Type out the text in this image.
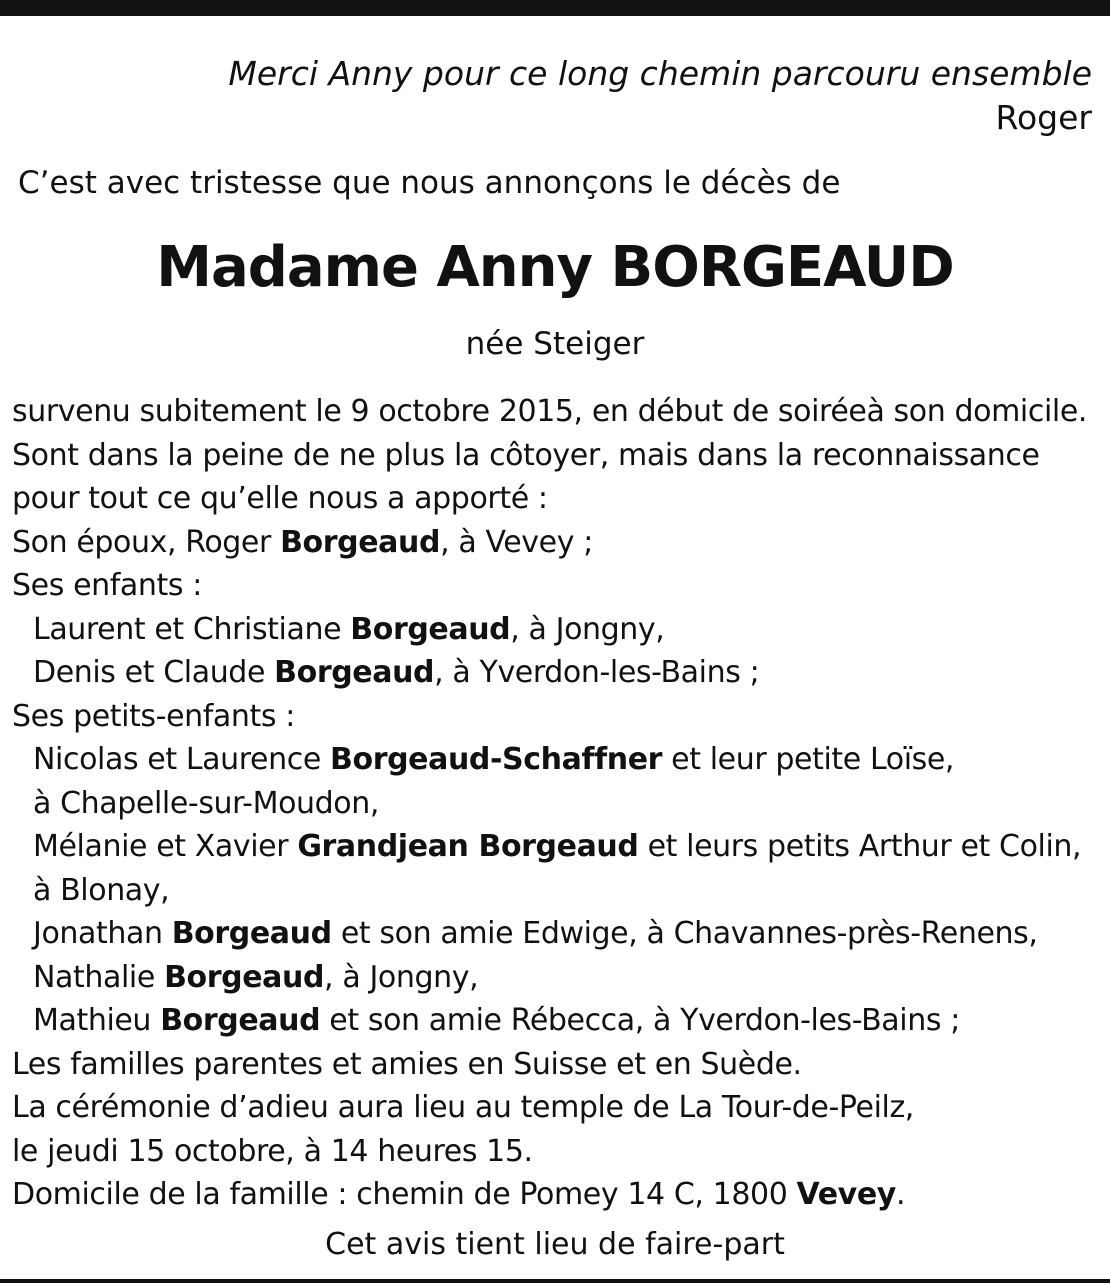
Merci Anny pour ce long chemin parcouru ensemble
Roger
C’est avec tristesse que nous annonçons le décès de
Madame Anny BORGEAUD
née Steiger
survenu subitement le 9 octobre 2015, en début de soiréeà son domicile.
Sont dans la peine de ne plus la côtoyer, mais dans la reconnaissance
pour tout ce qu’elle nous a apporté :
Son époux, Roger Borgeaud, à Vevey ;
Ses enfants :
Laurent et Christiane Borgeaud, à Jongny,
Denis et Claude Borgeaud, à Yverdon-les-Bains ;
Ses petits-enfants :
Nicolas et Laurence Borgeaud-Schaffner et leur petite Loïse,
à Chapelle-sur-Moudon,
Mélanie et Xavier Grandjean Borgeaud et leurs petits Arthur et Colin,
à Blonay,
Jonathan Borgeaud et son amie Edwige, à Chavannes-près-Renens,
Nathalie Borgeaud, à Jongny,
Mathieu Borgeaud et son amie Rébecca, à Yverdon-les-Bains ;
Les familles parentes et amies en Suisse et en Suède.
La cérémonie d’adieu aura lieu au temple de La Tour-de-Peilz,
le jeudi 15 octobre, à 14 heures 15.
Domicile de la famille : chemin de Pomey 14 C, 1800 Vevey.
Cet avis tient lieu de faire-part
